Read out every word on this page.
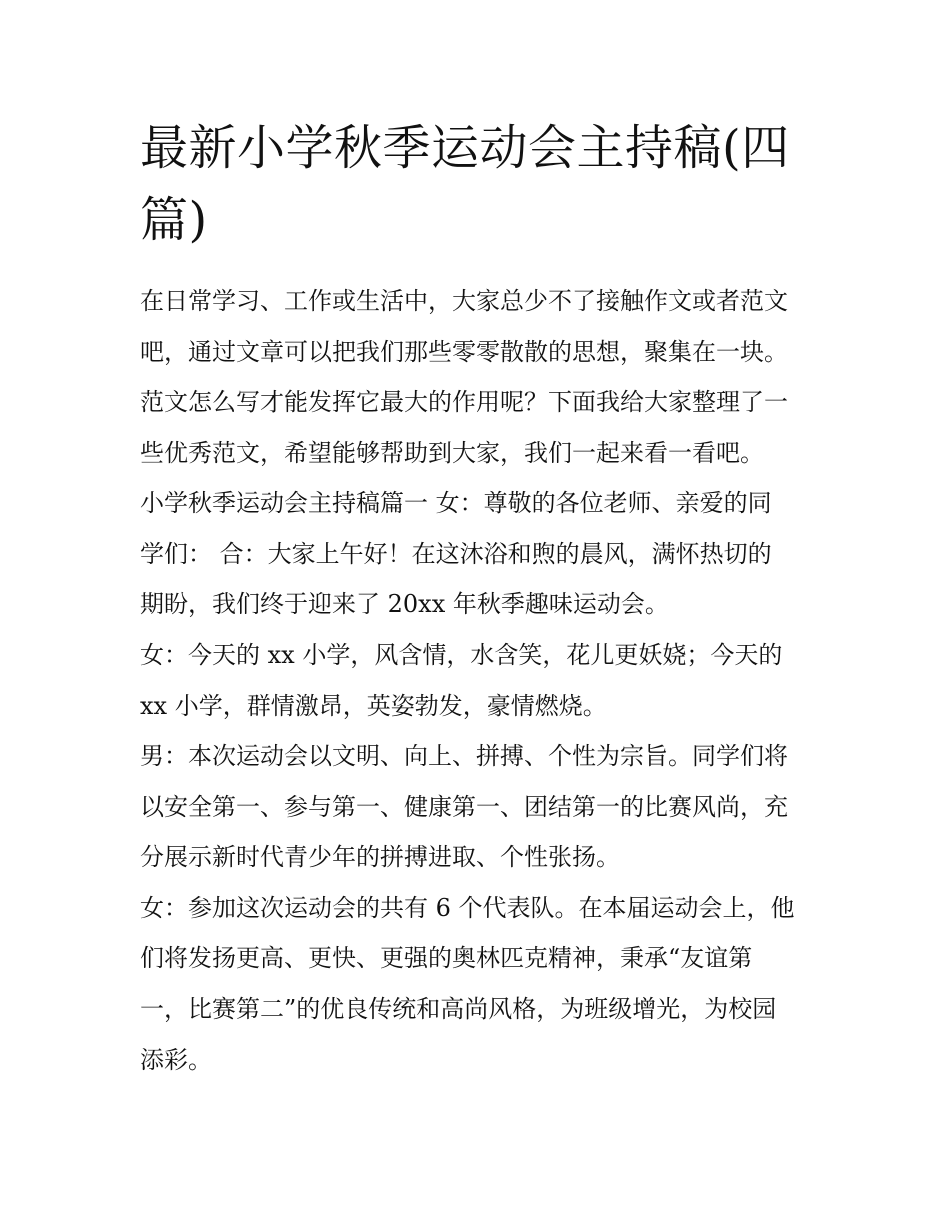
最新小学秋季运动会主持稿(四篇)

在日常学习、工作或生活中，大家总少不了接触作文或者范文

吧，通过文章可以把我们那些零零散散的思想，聚集在一块。

范文怎么写才能发挥它最大的作用呢？下面我给大家整理了一

些优秀范文，希望能够帮助到大家，我们一起来看一看吧。

小学秋季运动会主持稿篇一 女：尊敬的各位老师、亲爱的同

学们： 合：大家上午好！在这沐浴和煦的晨风，满怀热切的

期盼，我们终于迎来了 20xx 年秋季趣味运动会。

女：今天的 xx 小学，风含情，水含笑，花儿更妖娆；今天的

xx 小学，群情激昂，英姿勃发，豪情燃烧。

男：本次运动会以文明、向上、拼搏、个性为宗旨。同学们将

以安全第一、参与第一、健康第一、团结第一的比赛风尚，充

分展示新时代青少年的拼搏进取、个性张扬。

女：参加这次运动会的共有 6 个代表队。在本届运动会上，他

们将发扬更高、更快、更强的奥林匹克精神，秉承“友谊第

一，比赛第二”的优良传统和高尚风格，为班级增光，为校园

添彩。
